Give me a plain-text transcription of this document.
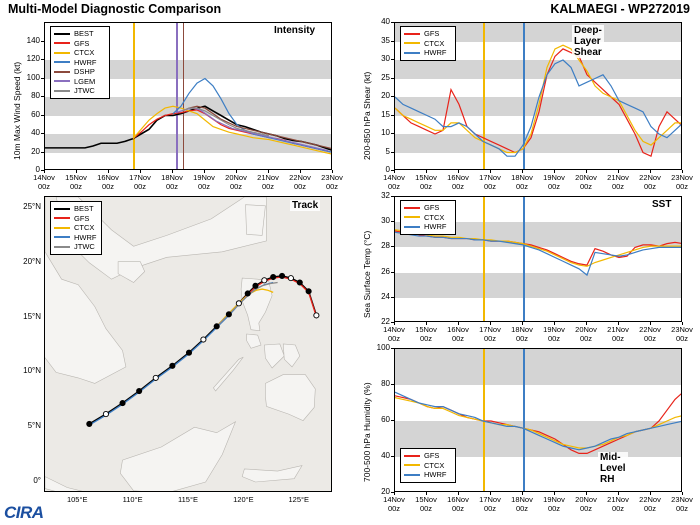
Multi-Model Diagnostic Comparison	KALMAEGI - WP272019
Intensity
10m Max Wind Speed (kt)
BEST
GFS
CTCX
HWRF
DSHP
LGEM
JTWC
Deep-Layer Shear
200-850 hPa Shear (kt)
GFS
CTCX
HWRF
Track
BEST
GFS
CTCX
HWRF
JTWC
SST
Sea Surface Temp (°C)
GFS
CTCX
HWRF
Mid-Level RH
700-500 hPa Humidity (%)	GFS
CTCX
HWRF
CIRA
0
20
40
60
80
100
120
140
14Nov
00z
15Nov
00z
16Nov
00z
17Nov
00z
18Nov
00z
19Nov
00z
20Nov
00z
21Nov
00z
22Nov
00z
23Nov
00z
0
5
10
15
20
25
30
35
40
14Nov
00z
15Nov
00z
16Nov
00z
17Nov
00z
18Nov
00z
19Nov
00z
20Nov
00z
21Nov
00z
22Nov
00z
23Nov
00z
22
24
26
28
30
32
14Nov
00z
15Nov
00z
16Nov
00z
17Nov
00z
18Nov
00z
19Nov
00z
20Nov
00z
21Nov
00z
22Nov
00z
23Nov
00z
20
40
60
80
100
14Nov
00z
15Nov
00z
16Nov
00z
17Nov
00z
18Nov
00z
19Nov
00z
20Nov
00z
21Nov
00z
22Nov
00z
23Nov
00z
0°
5°N
10°N
15°N
20°N
25°N
105°E	110°E	115°E	120°E	125°E
